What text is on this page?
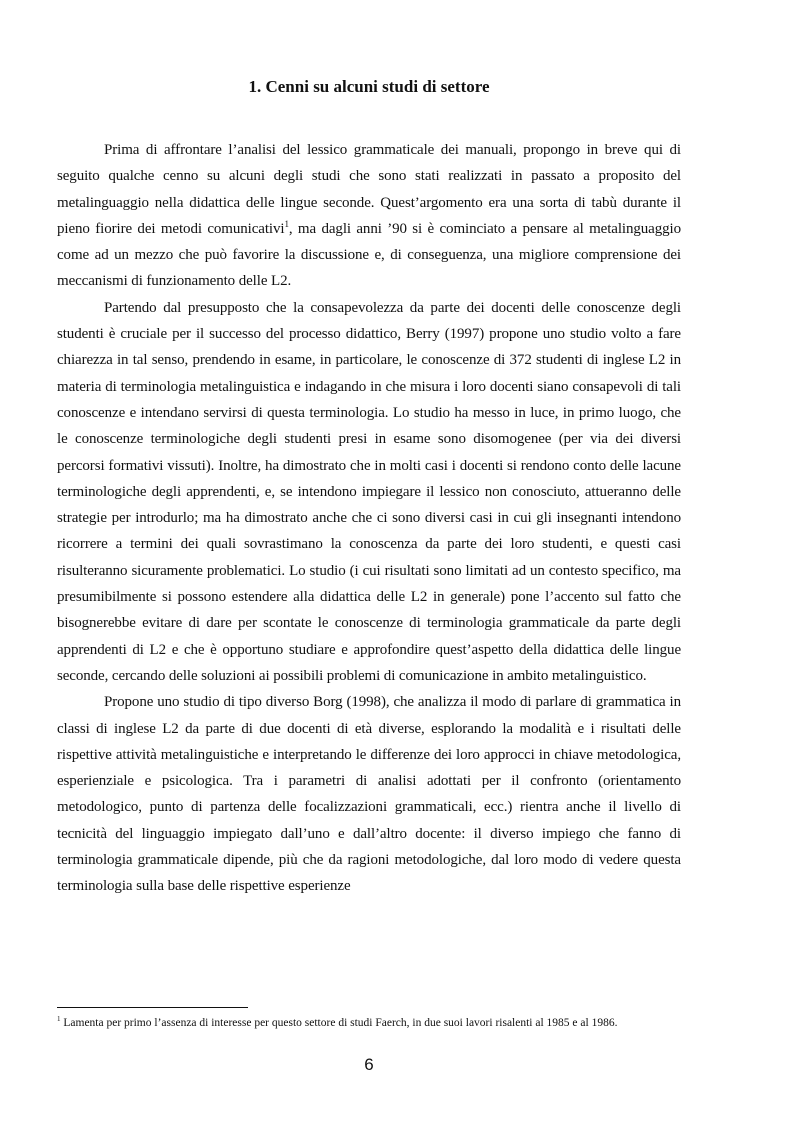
1. Cenni su alcuni studi di settore

Prima di affrontare l’analisi del lessico grammaticale dei manuali, propongo in breve qui di seguito qualche cenno su alcuni degli studi che sono stati realizzati in passato a proposito del metalinguaggio nella didattica delle lingue seconde. Quest’argomento era una sorta di tabù durante il pieno fiorire dei metodi comunicativi$^1$, ma dagli anni ’90 si è cominciato a pensare al metalinguaggio come ad un mezzo che può favorire la discussione e, di conseguenza, una migliore comprensione dei meccanismi di funzionamento delle L2.

Partendo dal presupposto che la consapevolezza da parte dei docenti delle conoscenze degli studenti è cruciale per il successo del processo didattico, Berry (1997) propone uno studio volto a fare chiarezza in tal senso, prendendo in esame, in particolare, le conoscenze di 372 studenti di inglese L2 in materia di terminologia metalinguistica e indagando in che misura i loro docenti siano consapevoli di tali conoscenze e intendano servirsi di questa terminologia. Lo studio ha messo in luce, in primo luogo, che le conoscenze terminologiche degli studenti presi in esame sono disomogenee (per via dei diversi percorsi formativi vissuti). Inoltre, ha dimostrato che in molti casi i docenti si rendono conto delle lacune terminologiche degli apprendenti, e, se intendono impiegare il lessico non conosciuto, attueranno delle strategie per introdurlo; ma ha dimostrato anche che ci sono diversi casi in cui gli insegnanti intendono ricorrere a termini dei quali sovrastimano la conoscenza da parte dei loro studenti, e questi casi risulteranno sicuramente problematici. Lo studio (i cui risultati sono limitati ad un contesto specifico, ma presumibilmente si possono estendere alla didattica delle L2 in generale) pone l’accento sul fatto che bisognerebbe evitare di dare per scontate le conoscenze di terminologia grammaticale da parte degli apprendenti di L2 e che è opportuno studiare e approfondire quest’aspetto della didattica delle lingue seconde, cercando delle soluzioni ai possibili problemi di comunicazione in ambito metalinguistico.

Propone uno studio di tipo diverso Borg (1998), che analizza il modo di parlare di grammatica in classi di inglese L2 da parte di due docenti di età diverse, esplorando la modalità e i risultati delle rispettive attività metalinguistiche e interpretando le differenze dei loro approcci in chiave metodologica, esperienziale e psicologica. Tra i parametri di analisi adottati per il confronto (orientamento metodologico, punto di partenza delle focalizzazioni grammaticali, ecc.) rientra anche il livello di tecnicità del linguaggio impiegato dall’uno e dall’altro docente: il diverso impiego che fanno di terminologia grammaticale dipende, più che da ragioni metodologiche, dal loro modo di vedere questa terminologia sulla base delle rispettive esperienze

$^1$ Lamenta per primo l’assenza di interesse per questo settore di studi Faerch, in due suoi lavori risalenti al 1985 e al 1986.
6
